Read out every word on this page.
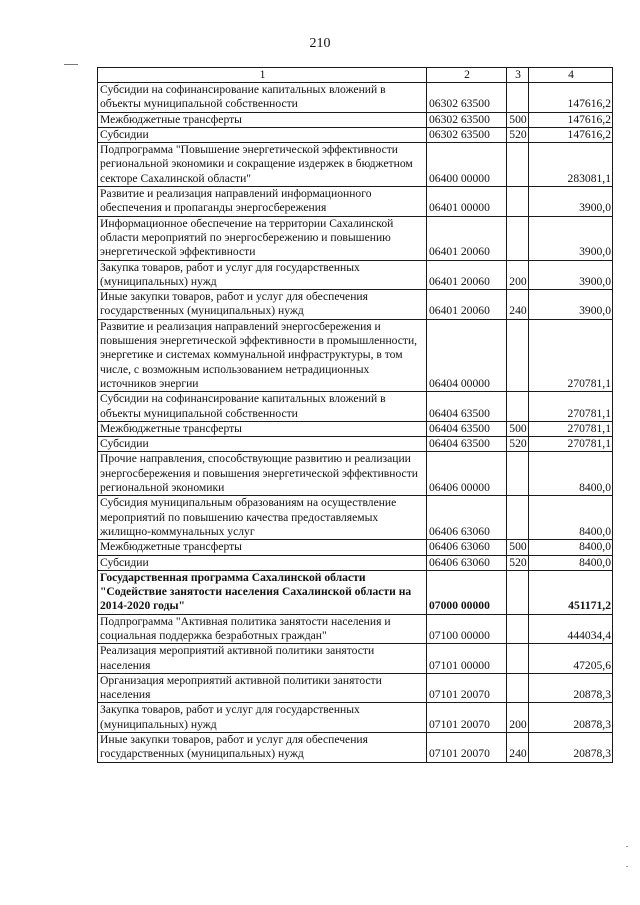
210
1	2	3	4
Субсидии на софинансирование капитальных вложений в объекты муниципальной собственности	06302 63500		147616,2
Межбюджетные трансферты	06302 63500	500	147616,2
Субсидии	06302 63500	520	147616,2
Подпрограмма "Повышение энергетической эффективности региональной экономики и сокращение издержек в бюджетном секторе Сахалинской области"	06400 00000		283081,1
Развитие и реализация направлений информационного обеспечения и пропаганды энергосбережения	06401 00000		3900,0
Информационное обеспечение на территории Сахалинской области мероприятий по энергосбережению и повышению энергетической эффективности	06401 20060		3900,0
Закупка товаров, работ и услуг для государственных (муниципальных) нужд	06401 20060	200	3900,0
Иные закупки товаров, работ и услуг для обеспечения государственных (муниципальных) нужд	06401 20060	240	3900,0
Развитие и реализация направлений энергосбережения и повышения энергетической эффективности в промышленности, энергетике и системах коммунальной инфраструктуры, в том числе, с возможным использованием нетрадиционных источников энергии	06404 00000		270781,1
Субсидии на софинансирование капитальных вложений в объекты муниципальной собственности	06404 63500		270781,1
Межбюджетные трансферты	06404 63500	500	270781,1
Субсидии	06404 63500	520	270781,1
Прочие направления, способствующие развитию и реализации энергосбережения и повышения энергетической эффективности региональной экономики	06406 00000		8400,0
Субсидия муниципальным образованиям на осуществление мероприятий по повышению качества предоставляемых жилищно-коммунальных услуг	06406 63060		8400,0
Межбюджетные трансферты	06406 63060	500	8400,0
Субсидии	06406 63060	520	8400,0
Государственная программа Сахалинской области "Содействие занятости населения Сахалинской области на 2014-2020 годы"	07000 00000		451171,2
Подпрограмма "Активная политика занятости населения и социальная поддержка безработных граждан"	07100 00000		444034,4
Реализация мероприятий активной политики занятости населения	07101 00000		47205,6
Организация мероприятий активной политики занятости населения	07101 20070		20878,3
Закупка товаров, работ и услуг для государственных (муниципальных) нужд	07101 20070	200	20878,3
Иные закупки товаров, работ и услуг для обеспечения государственных (муниципальных) нужд	07101 20070	240	20878,3
